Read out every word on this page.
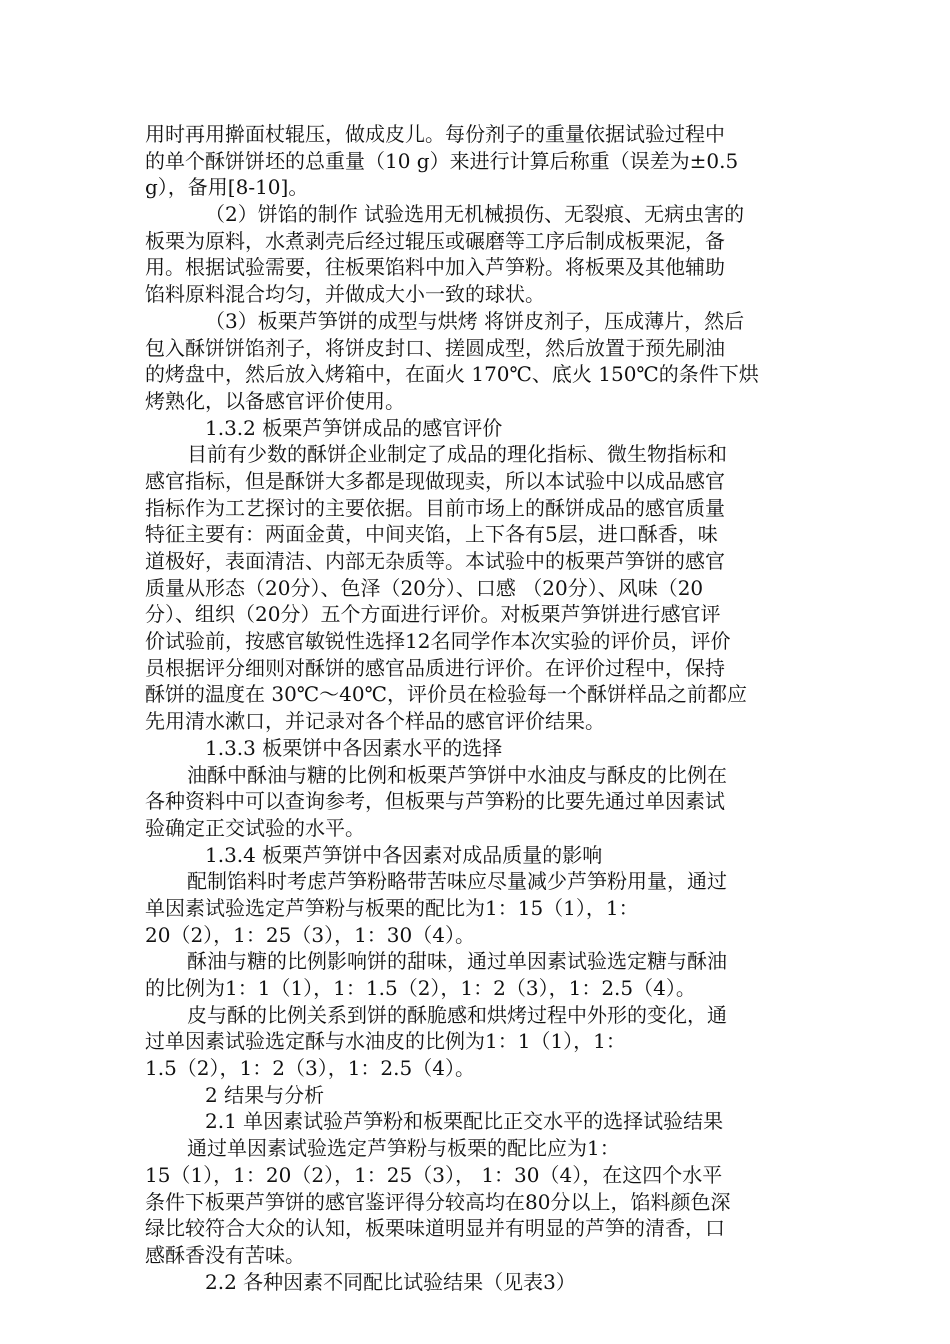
用时再用擀面杖辊压，做成皮儿。每份剂子的重量依据试验过程中
的单个酥饼饼坯的总重量（10 g）来进行计算后称重（误差为±0.5
g），备用[8-10]。
（2）饼馅的制作 试验选用无机械损伤、无裂痕、无病虫害的
板栗为原料，水煮剥壳后经过辊压或碾磨等工序后制成板栗泥，备
用。根据试验需要，往板栗馅料中加入芦笋粉。将板栗及其他辅助
馅料原料混合均匀，并做成大小一致的球状。
（3）板栗芦笋饼的成型与烘烤 将饼皮剂子，压成薄片，然后
包入酥饼饼馅剂子，将饼皮封口、搓圆成型，然后放置于预先刷油
的烤盘中，然后放入烤箱中，在面火 170℃、底火 150℃的条件下烘
烤熟化，以备感官评价使用。
1.3.2 板栗芦笋饼成品的感官评价
目前有少数的酥饼企业制定了成品的理化指标、微生物指标和
感官指标，但是酥饼大多都是现做现卖，所以本试验中以成品感官
指标作为工艺探讨的主要依据。目前市场上的酥饼成品的感官质量
特征主要有：两面金黄，中间夹馅，上下各有5层，进口酥香，味
道极好，表面清洁、内部无杂质等。本试验中的板栗芦笋饼的感官
质量从形态（20分）、色泽（20分）、口感 （20分）、风味（20
分）、组织（20分）五个方面进行评价。对板栗芦笋饼进行感官评
价试验前，按感官敏锐性选择12名同学作本次实验的评价员，评价
员根据评分细则对酥饼的感官品质进行评价。在评价过程中，保持
酥饼的温度在 30℃～40℃，评价员在检验每一个酥饼样品之前都应
先用清水漱口，并记录对各个样品的感官评价结果。
1.3.3 板栗饼中各因素水平的选择
油酥中酥油与糖的比例和板栗芦笋饼中水油皮与酥皮的比例在
各种资料中可以查询参考，但板栗与芦笋粉的比要先通过单因素试
验确定正交试验的水平。
1.3.4 板栗芦笋饼中各因素对成品质量的影响
配制馅料时考虑芦笋粉略带苦味应尽量减少芦笋粉用量，通过
单因素试验选定芦笋粉与板栗的配比为1：15（1），1：
20（2），1：25（3），1：30（4）。
酥油与糖的比例影响饼的甜味，通过单因素试验选定糖与酥油
的比例为1：1（1），1：1.5（2），1：2（3），1：2.5（4）。
皮与酥的比例关系到饼的酥脆感和烘烤过程中外形的变化，通
过单因素试验选定酥与水油皮的比例为1：1（1），1：
1.5（2），1：2（3），1：2.5（4）。
2 结果与分析
2.1 单因素试验芦笋粉和板栗配比正交水平的选择试验结果
通过单因素试验选定芦笋粉与板栗的配比应为1：
15（1），1：20（2），1：25（3）， 1：30（4），在这四个水平
条件下板栗芦笋饼的感官鉴评得分较高均在80分以上，馅料颜色深
绿比较符合大众的认知，板栗味道明显并有明显的芦笋的清香，口
感酥香没有苦味。
2.2 各种因素不同配比试验结果（见表3）
